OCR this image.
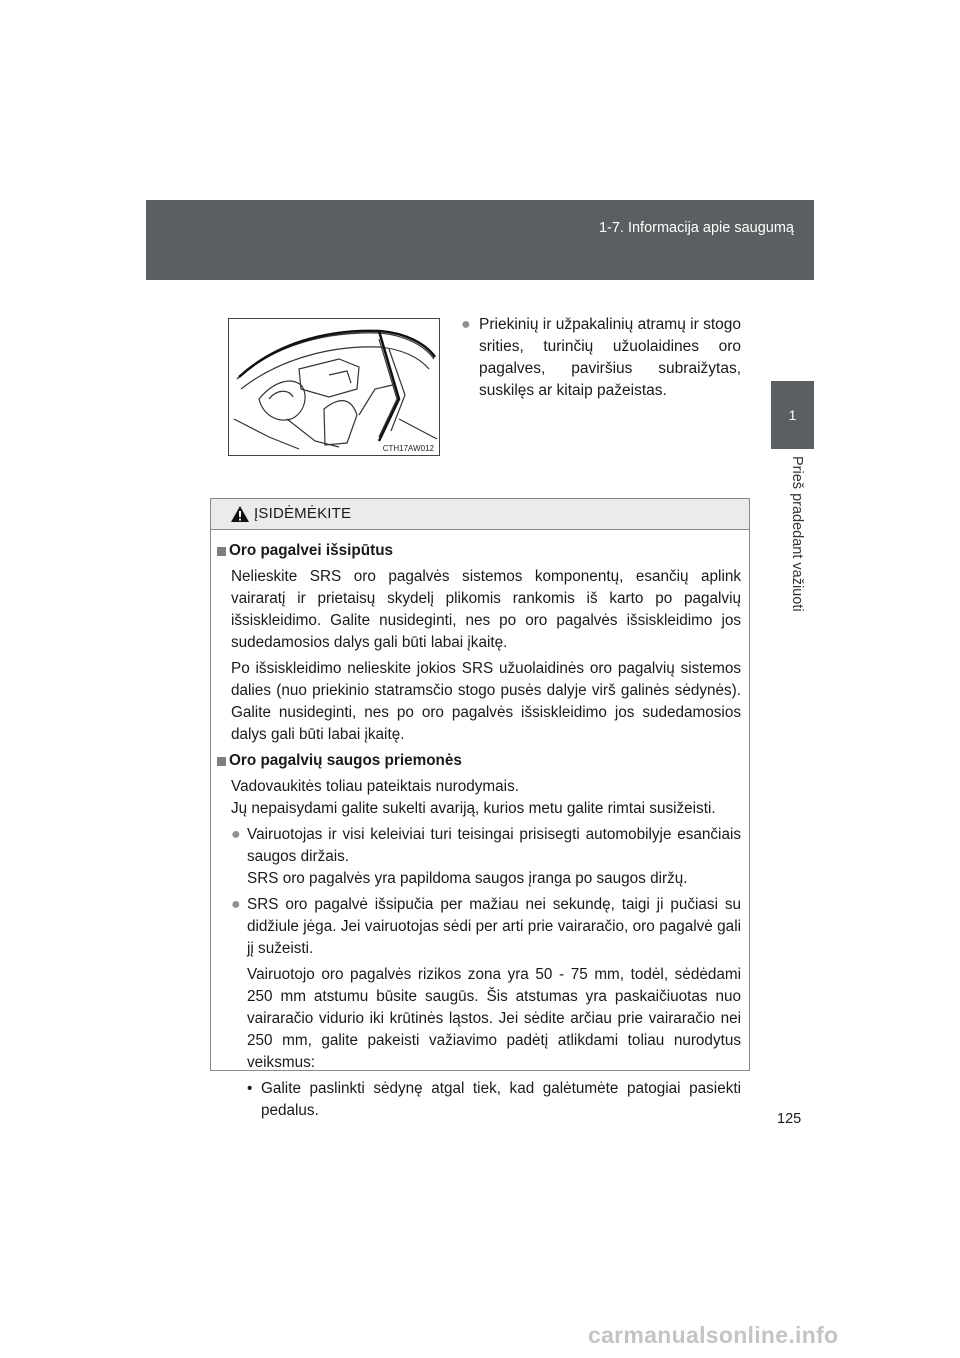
1-7. Informacija apie saugumą
1
Prieš pradedant važiuoti
CTH17AW012
● Priekinių ir užpakalinių atramų ir stogo srities, turinčių užuolaidines oro pagalves, paviršius subraižytas, suskilęs ar kitaip pažeistas.
ĮSIDĖMĖKITE
Oro pagalvei išsipūtus
Nelieskite SRS oro pagalvės sistemos komponentų, esančių aplink vairaratį ir prietaisų skydelį plikomis rankomis iš karto po pagalvių išsiskleidimo. Galite nusideginti, nes po oro pagalvės išsiskleidimo jos sudedamosios dalys gali būti labai įkaitę.
Po išsiskleidimo nelieskite jokios SRS užuolaidinės oro pagalvių sistemos dalies (nuo priekinio statramsčio stogo pusės dalyje virš galinės sėdynės). Galite nusideginti, nes po oro pagalvės išsiskleidimo jos sudedamosios dalys gali būti labai įkaitę.
Oro pagalvių saugos priemonės
Vadovaukitės toliau pateiktais nurodymais.
Jų nepaisydami galite sukelti avariją, kurios metu galite rimtai susižeisti.
● Vairuotojas ir visi keleiviai turi teisingai prisisegti automobilyje esančiais saugos diržais.
SRS oro pagalvės yra papildoma saugos įranga po saugos diržų.
● SRS oro pagalvė išsipučia per mažiau nei sekundę, taigi ji pučiasi su didžiule jėga. Jei vairuotojas sėdi per arti prie vairaračio, oro pagalvė gali jį sužeisti.
Vairuotojo oro pagalvės rizikos zona yra 50 - 75 mm, todėl, sėdėdami 250 mm atstumu būsite saugūs. Šis atstumas yra paskaičiuotas nuo vairaračio vidurio iki krūtinės ląstos. Jei sėdite arčiau prie vairaračio nei 250 mm, galite pakeisti važiavimo padėtį atlikdami toliau nurodytus veiksmus:
• Galite paslinkti sėdynę atgal tiek, kad galėtumėte patogiai pasiekti pedalus.	125
carmanualsonline.info
